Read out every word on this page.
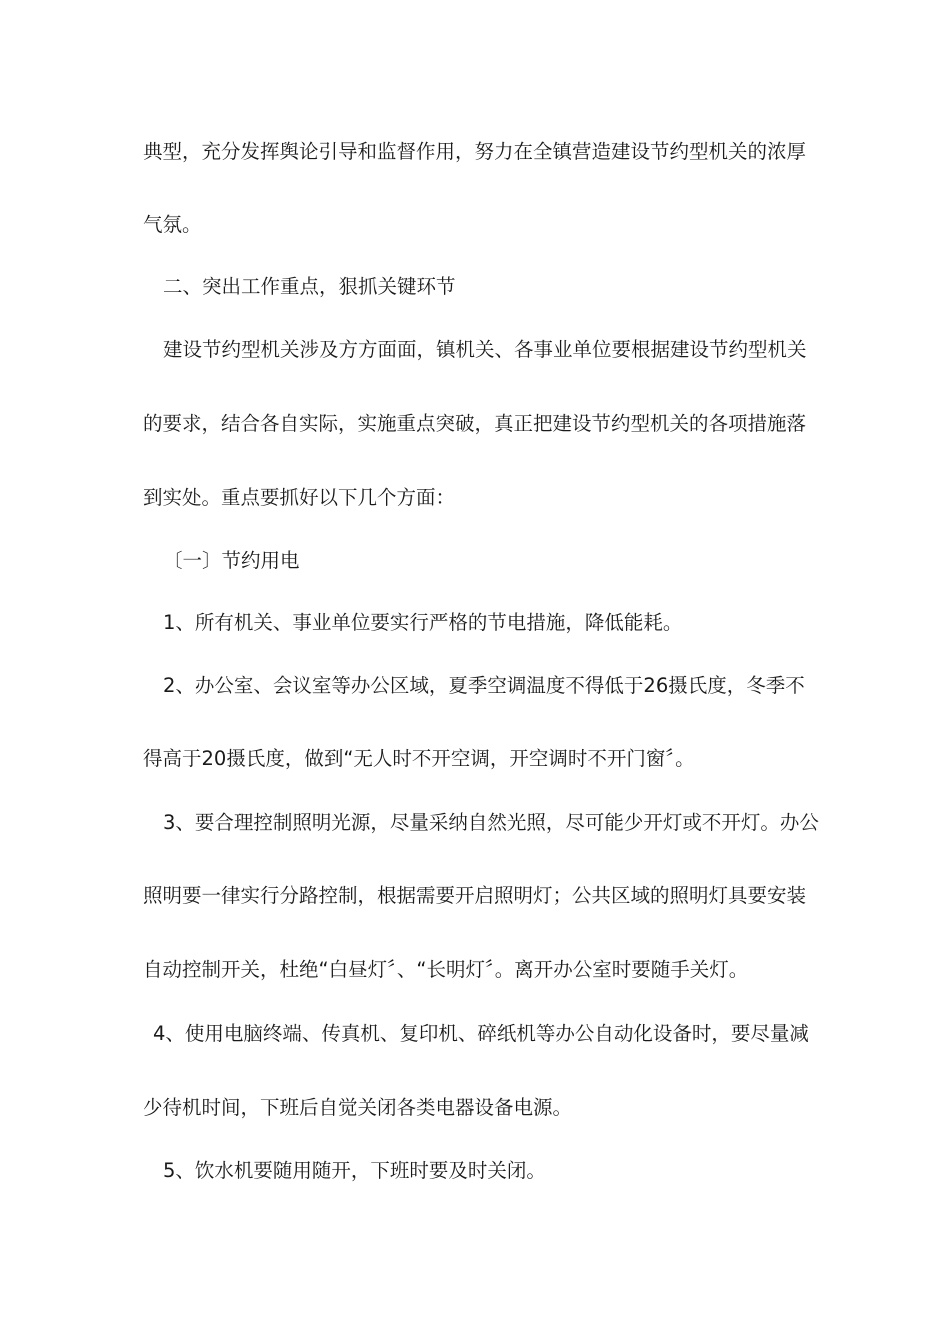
典型，充分发挥舆论引导和监督作用，努力在全镇营造建设节约型机关的浓厚

气氛。

二、突出工作重点，狠抓关键环节

建设节约型机关涉及方方面面，镇机关、各事业单位要根据建设节约型机关

的要求，结合各自实际，实施重点突破，真正把建设节约型机关的各项措施落

到实处。重点要抓好以下几个方面：

〔一〕节约用电

1、所有机关、事业单位要实行严格的节电措施，降低能耗。

2、办公室、会议室等办公区域，夏季空调温度不得低于26摄氏度，冬季不

得高于20摄氏度，做到“无人时不开空调，开空调时不开门窗〞。

3、要合理控制照明光源，尽量采纳自然光照，尽可能少开灯或不开灯。办公

照明要一律实行分路控制，根据需要开启照明灯；公共区域的照明灯具要安装

自动控制开关，杜绝“白昼灯〞、“长明灯〞。离开办公室时要随手关灯。

4、使用电脑终端、传真机、复印机、碎纸机等办公自动化设备时，要尽量减

少待机时间，下班后自觉关闭各类电器设备电源。

5、饮水机要随用随开，下班时要及时关闭。
